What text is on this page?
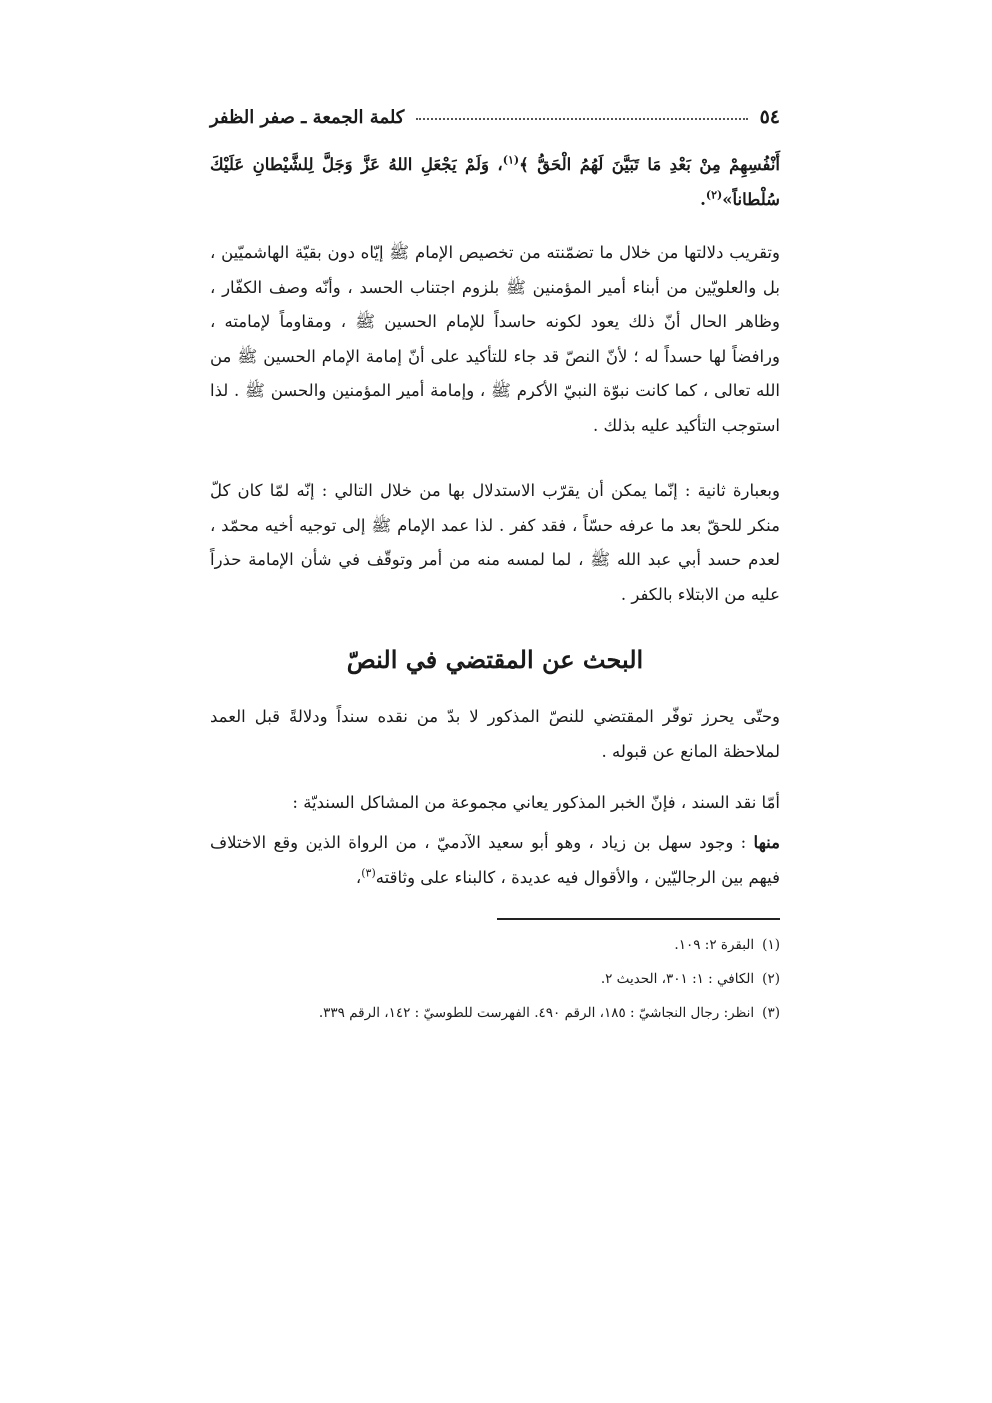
٥٤
كلمة الجمعة ـ صفر الظفر

أَنْفُسِهِمْ مِنْ بَعْدِ مَا تَبَيَّنَ لَهُمُ الْحَقُّ ﴾$^{(١)}$، وَلَمْ يَجْعَلِ اللهُ عَزَّ وَجَلَّ لِلشَّيْطانِ عَلَيْكَ سُلْطاناً»$^{(٢)}$.

وتقريب دلالتها من خلال ما تضمّنته من تخصيص الإمام ﷺ إيّاه دون بقيّة الهاشميّين ، بل والعلويّين من أبناء أمير المؤمنين ﷺ بلزوم اجتناب الحسد ، وأنّه وصف الكفّار ، وظاهر الحال أنّ ذلك يعود لكونه حاسداً للإمام الحسين ﷺ ، ومقاوماً لإمامته ، ورافضاً لها حسداً له ؛ لأنّ النصّ قد جاء للتأكيد على أنّ إمامة الإمام الحسين ﷺ من الله تعالى ، كما كانت نبوّة النبيّ الأكرم ﷺ ، وإمامة أمير المؤمنين والحسن ﷺ . لذا استوجب التأكيد عليه بذلك .

وبعبارة ثانية : إنّما يمكن أن يقرّب الاستدلال بها من خلال التالي : إنّه لمّا كان كلّ منكر للحقّ بعد ما عرفه حسّاً ، فقد كفر . لذا عمد الإمام ﷺ إلى توجيه أخيه محمّد ، لعدم حسد أبي عبد الله ﷺ ، لما لمسه منه من أمر وتوقّف في شأن الإمامة حذراً عليه من الابتلاء بالكفر .

البحث عن المقتضي في النصّ

وحتّى يحرز توفّر المقتضي للنصّ المذكور لا بدّ من نقده سنداً ودلالةً قبل العمد لملاحظة المانع عن قبوله .

أمّا نقد السند ، فإنّ الخبر المذكور يعاني مجموعة من المشاكل السنديّة :

منها : وجود سهل بن زياد ، وهو أبو سعيد الآدميّ ، من الرواة الذين وقع الاختلاف فيهم بين الرجاليّين ، والأقوال فيه عديدة ، كالبناء على وثاقته$^{(٣)}$،

(١)البقرة ٢: ١٠٩.
(٢)الكافي : ١: ٣٠١، الحديث ٢.
(٣)انظر: رجال النجاشيّ : ١٨٥، الرقم ٤٩٠. الفهرست للطوسيّ : ١٤٢، الرقم ٣٣٩.
